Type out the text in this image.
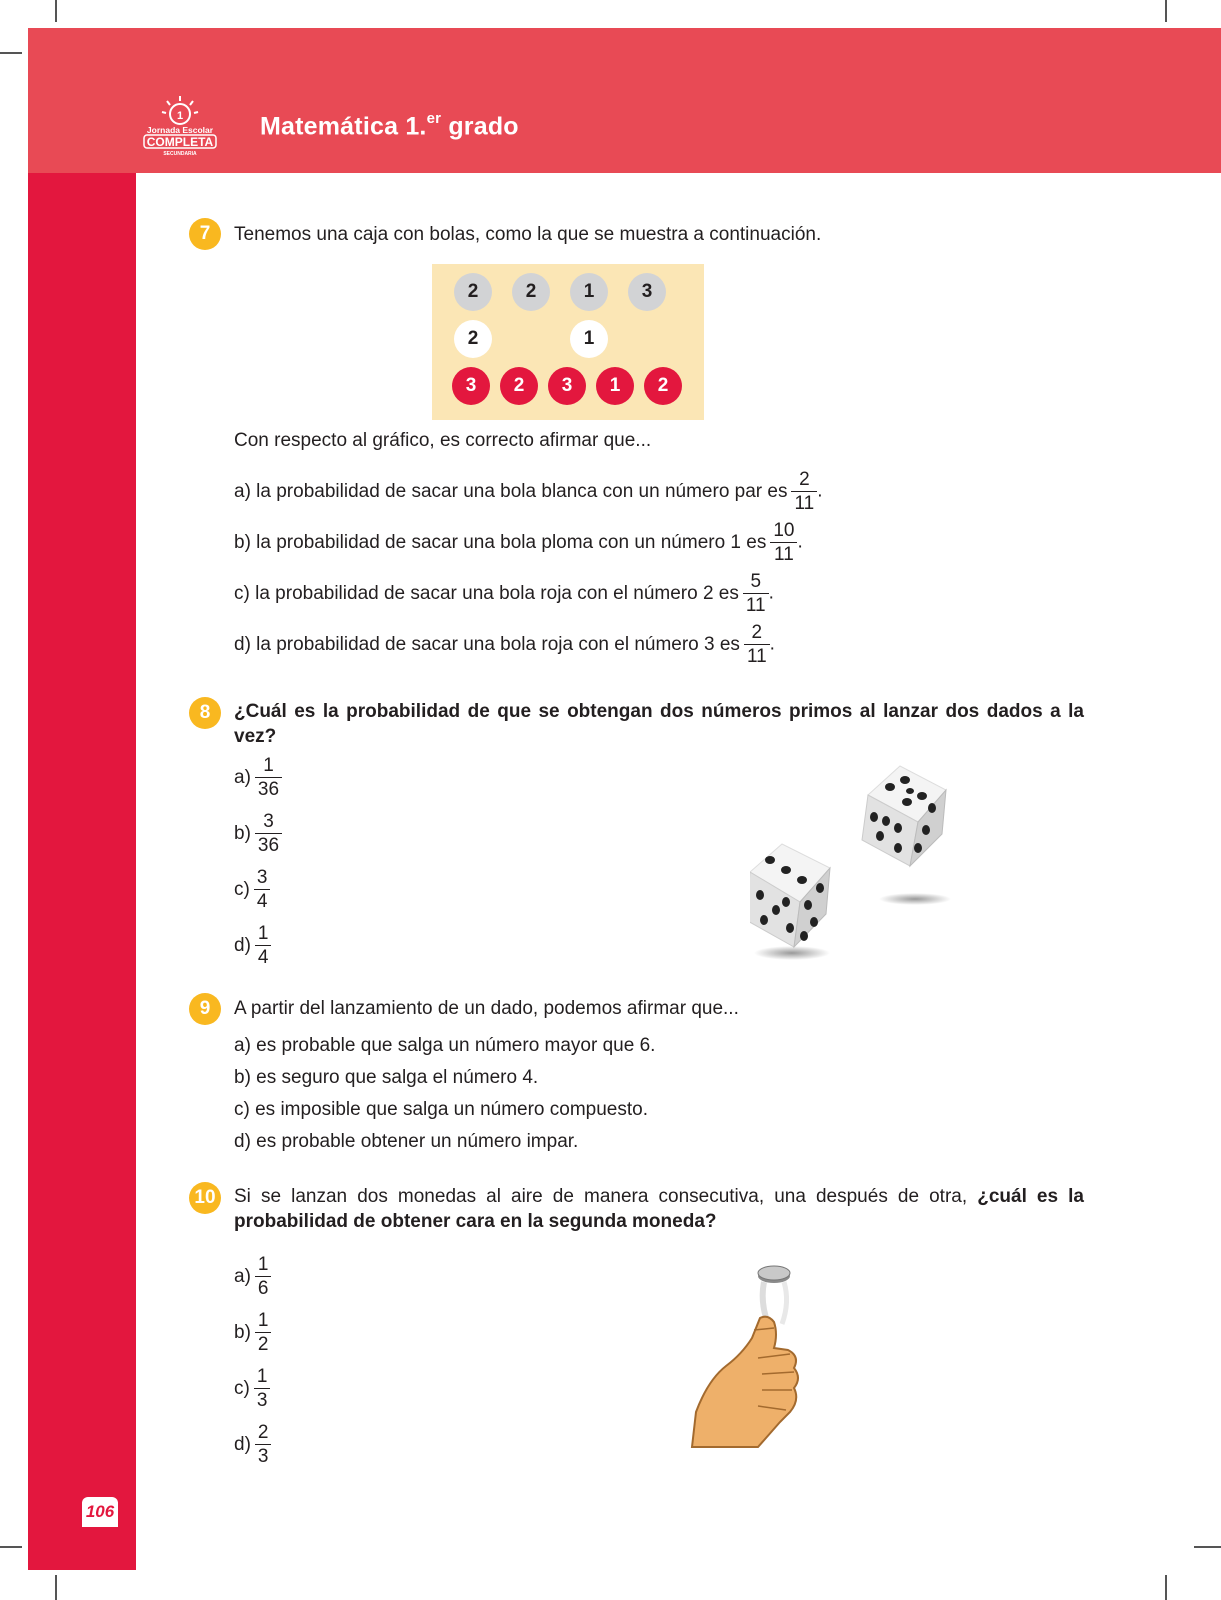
1
Jornada Escolar
COMPLETA
SECUNDARIA
Matemática 1.$^{er}$ grado
106
7	Tenemos una caja con bolas, como la que se muestra a continuación.
2	2	1	3
2	1
3	2	3	1	2
Con respecto al gráfico, es correcto afirmar que...
a) la probabilidad de sacar una bola blanca con un número par es $\frac{2}{11}$ .
b) la probabilidad de sacar una bola ploma con un número 1 es $\frac{10}{11}$ .
c) la probabilidad de sacar una bola roja con el número 2 es $\frac{5}{11}$ .
d) la probabilidad de sacar una bola roja con el número 3 es $\frac{2}{11}$ .
8	¿Cuál es la probabilidad de que se obtengan dos números primos al lanzar dos dados a la vez?
$a) \frac{1}{36}$
$b) \frac{3}{36}$
$c) \frac{3}{4}$
$d) \frac{1}{4}$
9	A partir del lanzamiento de un dado, podemos afirmar que...
a) es probable que salga un número mayor que 6.
b) es seguro que salga el número 4.
c) es imposible que salga un número compuesto.
d) es probable obtener un número impar.
10 Si se lanzan dos monedas al aire de manera consecutiva, una después de otra, ¿cuál es la probabilidad de obtener cara en la segunda moneda?
$a) \frac{1}{6}$
$b) \frac{1}{2}$
$c) \frac{1}{3}$
$d) \frac{2}{3}$
